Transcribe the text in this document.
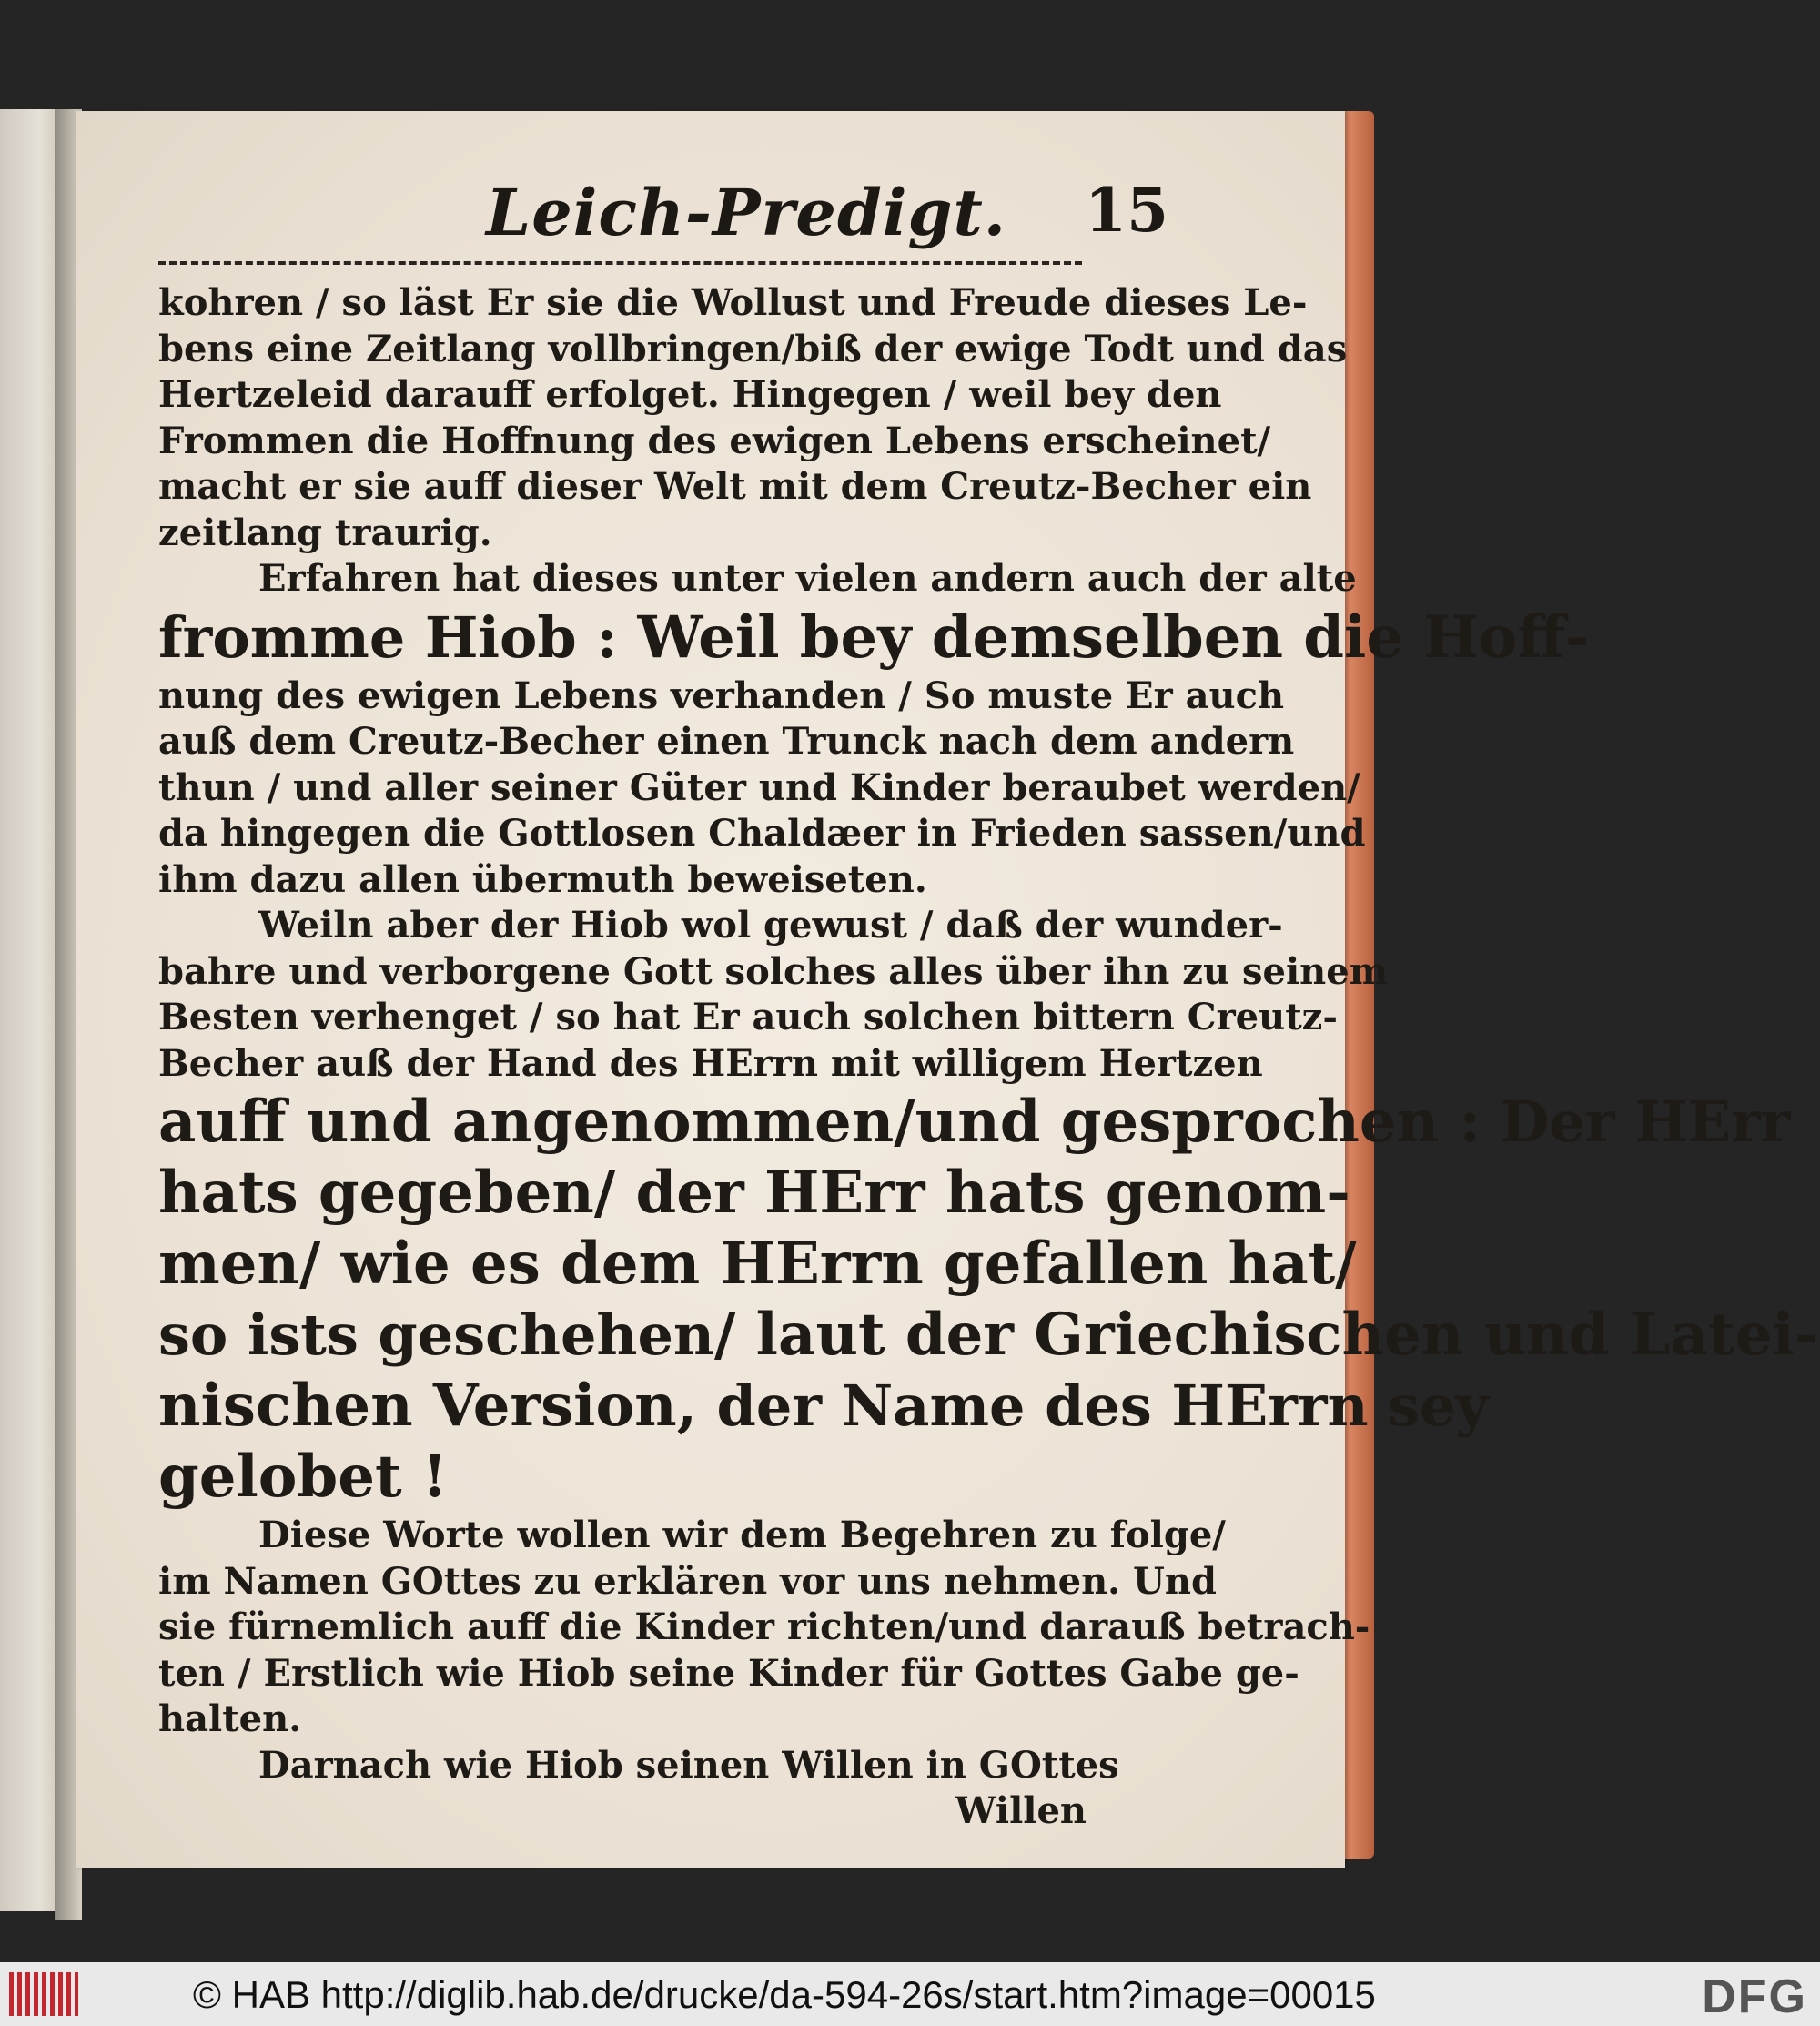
Leich-Predigt. 15
kohren / so läst Er sie die Wollust und Freude dieses Le-
bens eine Zeitlang vollbringen/biß der ewige Todt und das
Hertzeleid darauff erfolget. Hingegen / weil bey den
Frommen die Hoffnung des ewigen Lebens erscheinet/
macht er sie auff dieser Welt mit dem Creutz-Becher ein
zeitlang traurig.
Erfahren hat dieses unter vielen andern auch der alte
fromme Hiob : Weil bey demselben die Hoff-
nung des ewigen Lebens verhanden / So muste Er auch
auß dem Creutz-Becher einen Trunck nach dem andern
thun / und aller seiner Güter und Kinder beraubet werden/
da hingegen die Gottlosen Chaldæer in Frieden sassen/und
ihm dazu allen übermuth beweiseten.
Weiln aber der Hiob wol gewust / daß der wunder-
bahre und verborgene Gott solches alles über ihn zu seinem
Besten verhenget / so hat Er auch solchen bittern Creutz-
Becher auß der Hand des HErrn mit willigem Hertzen
auff und angenommen/und gesprochen : Der HErr
hats gegeben/ der HErr hats genom-
men/ wie es dem HErrn gefallen hat/
so ists geschehen/ laut der Griechischen und Latei-
nischen Version, der Name des HErrn sey
gelobet !
Diese Worte wollen wir dem Begehren zu folge/
im Namen GOttes zu erklären vor uns nehmen. Und
sie fürnemlich auff die Kinder richten/und darauß betrach-
ten / Erstlich wie Hiob seine Kinder für Gottes Gabe ge-
halten.
Darnach wie Hiob seinen Willen in GOttes
Willen
© HAB http://diglib.hab.de/drucke/da-594-26s/start.htm?image=00015	DFG
